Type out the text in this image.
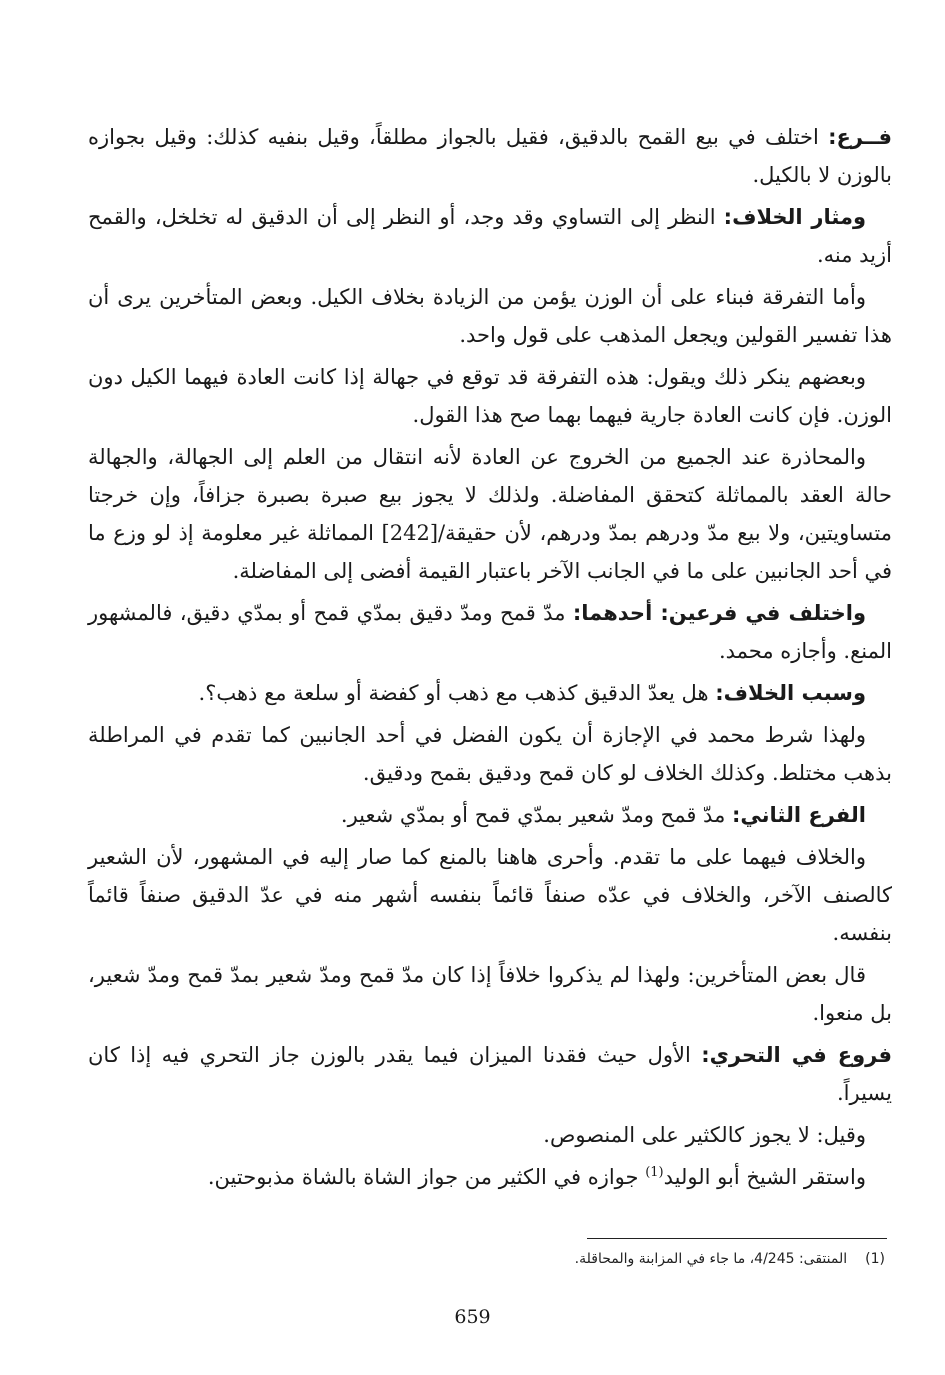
فــرع: اختلف في بيع القمح بالدقيق، فقيل بالجواز مطلقاً، وقيل بنفيه كذلك: وقيل بجوازه بالوزن لا بالكيل.

ومثار الخلاف: النظر إلى التساوي وقد وجد، أو النظر إلى أن الدقيق له تخلخل، والقمح أزيد منه.

وأما التفرقة فبناء على أن الوزن يؤمن من الزيادة بخلاف الكيل. وبعض المتأخرين يرى أن هذا تفسير القولين ويجعل المذهب على قول واحد.

وبعضهم ينكر ذلك ويقول: هذه التفرقة قد توقع في جهالة إذا كانت العادة فيهما الكيل دون الوزن. فإن كانت العادة جارية فيهما بهما صح هذا القول.

والمحاذرة عند الجميع من الخروج عن العادة لأنه انتقال من العلم إلى الجهالة، والجهالة حالة العقد بالمماثلة كتحقق المفاضلة. ولذلك لا يجوز بيع صبرة بصبرة جزافاً، وإن خرجتا متساويتين، ولا بيع مدّ ودرهم بمدّ ودرهم، لأن حقيقة/[242] المماثلة غير معلومة إذ لو وزع ما في أحد الجانبين على ما في الجانب الآخر باعتبار القيمة أفضى إلى المفاضلة.

واختلف في فرعين: أحدهما: مدّ قمح ومدّ دقيق بمدّي قمح أو بمدّي دقيق، فالمشهور المنع. وأجازه محمد.

وسبب الخلاف: هل يعدّ الدقيق كذهب مع ذهب أو كفضة أو سلعة مع ذهب؟.

ولهذا شرط محمد في الإجازة أن يكون الفضل في أحد الجانبين كما تقدم في المراطلة بذهب مختلط. وكذلك الخلاف لو كان قمح ودقيق بقمح ودقيق.

الفرع الثاني: مدّ قمح ومدّ شعير بمدّي قمح أو بمدّي شعير.

والخلاف فيهما على ما تقدم. وأحرى هاهنا بالمنع كما صار إليه في المشهور، لأن الشعير كالصنف الآخر، والخلاف في عدّه صنفاً قائماً بنفسه أشهر منه في عدّ الدقيق صنفاً قائماً بنفسه.

قال بعض المتأخرين: ولهذا لم يذكروا خلافاً إذا كان مدّ قمح ومدّ شعير بمدّ قمح ومدّ شعير، بل منعوا.

فروع في التحري: الأول حيث فقدنا الميزان فيما يقدر بالوزن جاز التحري فيه إذا كان يسيراً.

وقيل: لا يجوز كالكثير على المنصوص.

واستقر الشيخ أبو الوليد$^{(1)}$ جوازه في الكثير من جواز الشاة بالشاة مذبوحتين.

(1)المنتقى: 4/245، ما جاء في المزابنة والمحاقلة.
659
